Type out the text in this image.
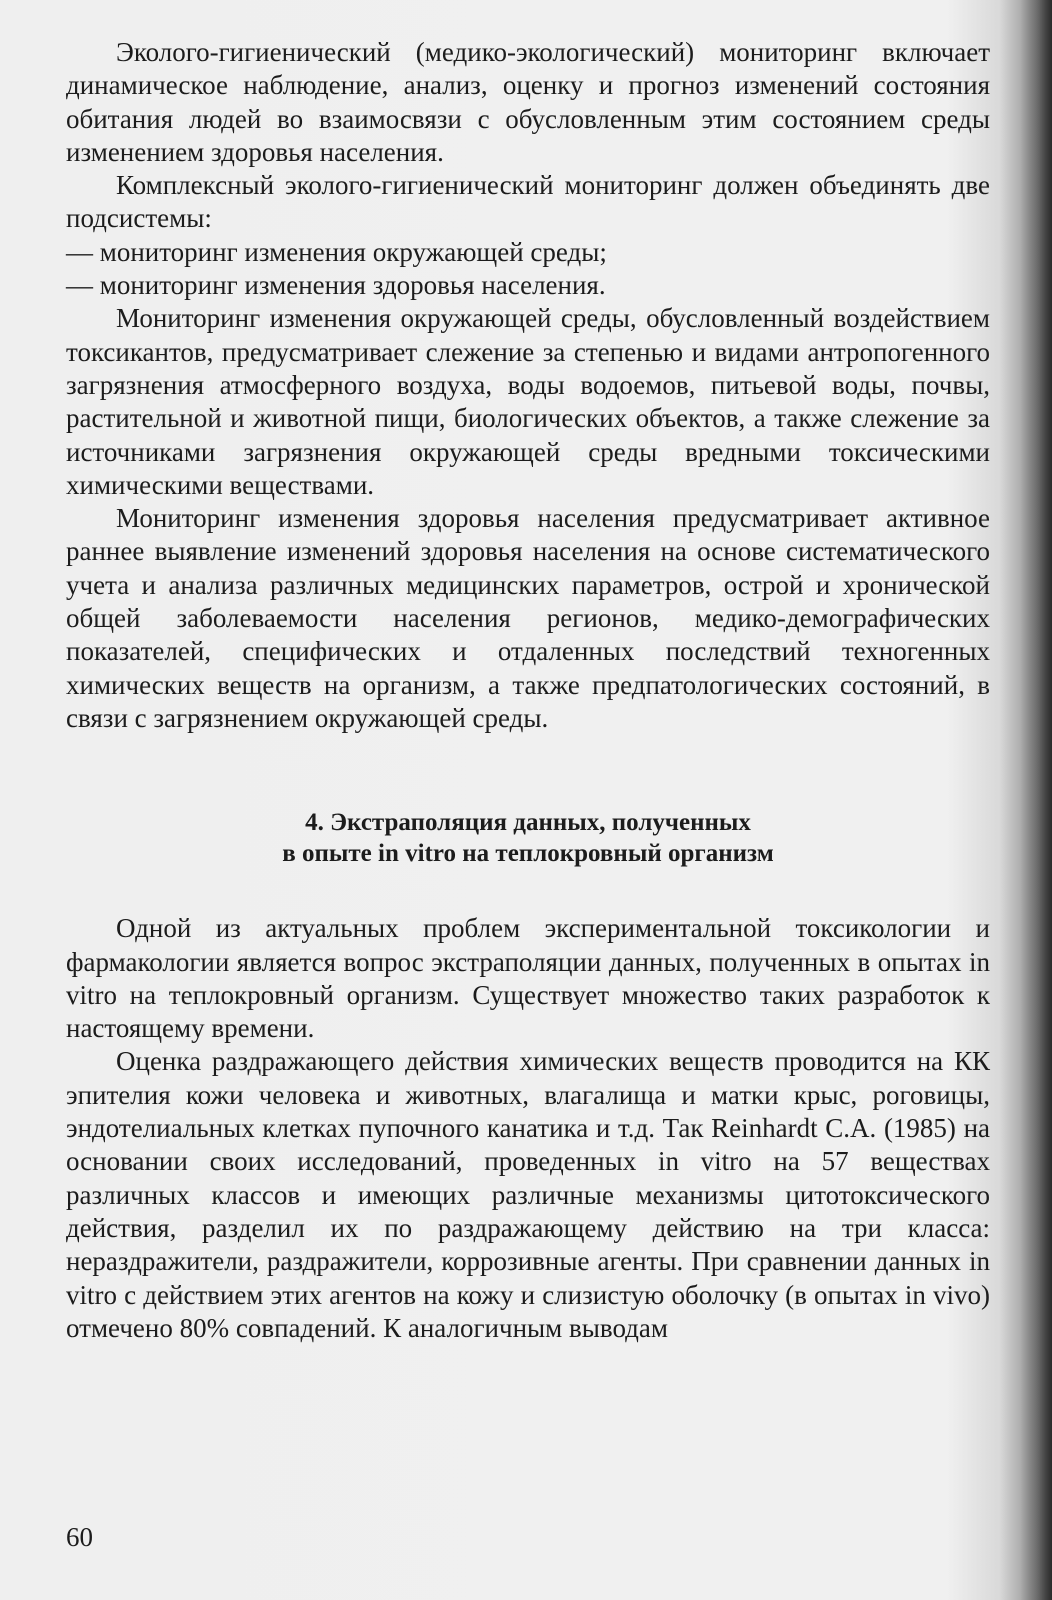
Эколого-гигиенический (медико-экологический) мониторинг включает динамическое наблюдение, анализ, оценку и прогноз изменений состояния обитания людей во взаимосвязи с обусловленным этим состоянием среды изменением здоровья населения.

Комплексный эколого-гигиенический мониторинг должен объединять две подсистемы:

— мониторинг изменения окружающей среды;

— мониторинг изменения здоровья населения.

Мониторинг изменения окружающей среды, обусловленный воздействием токсикантов, предусматривает слежение за степенью и видами антропогенного загрязнения атмосферного воздуха, воды водоемов, питьевой воды, почвы, растительной и животной пищи, биологических объектов, а также слежение за источниками загрязнения окружающей среды вредными токсическими химическими веществами.

Мониторинг изменения здоровья населения предусматривает активное раннее выявление изменений здоровья населения на основе систематического учета и анализа различных медицинских параметров, острой и хронической общей заболеваемости населения регионов, медико-демографических показателей, специфических и отдаленных последствий техногенных химических веществ на организм, а также предпатологических состояний, в связи с загрязнением окружающей среды.

4. Экстраполяция данных, полученных
в опыте in vitro на теплокровный организм

Одной из актуальных проблем экспериментальной токсикологии и фармакологии является вопрос экстраполяции данных, полученных в опытах in vitro на теплокровный организм. Существует множество таких разработок к настоящему времени.

Оценка раздражающего действия химических веществ проводится на КК эпителия кожи человека и животных, влагалища и матки крыс, роговицы, эндотелиальных клетках пупочного канатика и т.д. Так Reinhardt С.А. (1985) на основании своих исследований, проведенных in vitro на 57 веществах различных классов и имеющих различные механизмы цитотоксического действия, разделил их по раздражающему действию на три класса: нераздражители, раздражители, коррозивные агенты. При сравнении данных in vitro с действием этих агентов на кожу и слизистую оболочку (в опытах in vivo) отмечено 80% совпадений. К аналогичным выводам

60
